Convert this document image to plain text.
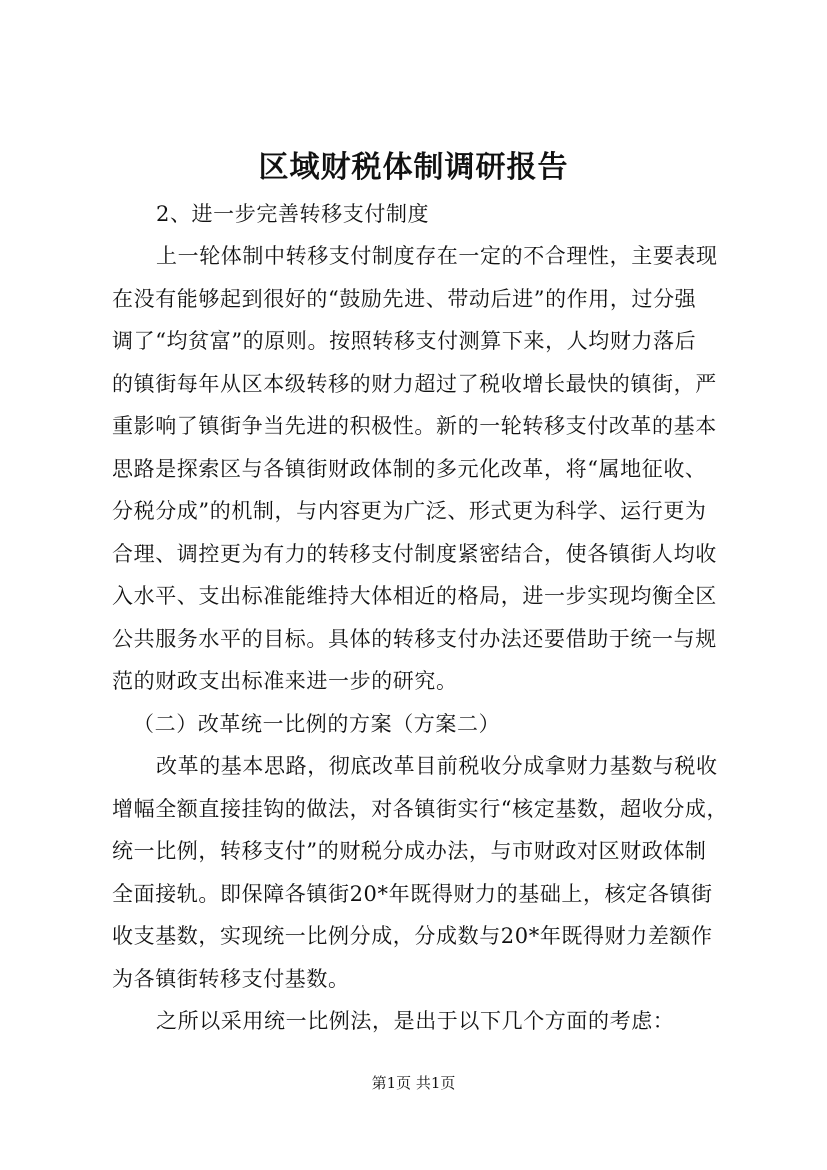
区域财税体制调研报告
2、进一步完善转移支付制度
上一轮体制中转移支付制度存在一定的不合理性，主要表现
在没有能够起到很好的“鼓励先进、带动后进”的作用，过分强
调了“均贫富”的原则。按照转移支付测算下来，人均财力落后
的镇街每年从区本级转移的财力超过了税收增长最快的镇街，严
重影响了镇街争当先进的积极性。新的一轮转移支付改革的基本
思路是探索区与各镇街财政体制的多元化改革，将“属地征收、
分税分成”的机制，与内容更为广泛、形式更为科学、运行更为
合理、调控更为有力的转移支付制度紧密结合，使各镇街人均收
入水平、支出标准能维持大体相近的格局，进一步实现均衡全区
公共服务水平的目标。具体的转移支付办法还要借助于统一与规
范的财政支出标准来进一步的研究。
（二）改革统一比例的方案（方案二）
改革的基本思路，彻底改革目前税收分成拿财力基数与税收
增幅全额直接挂钩的做法，对各镇街实行“核定基数，超收分成，
统一比例，转移支付”的财税分成办法，与市财政对区财政体制
全面接轨。即保障各镇街20*年既得财力的基础上，核定各镇街
收支基数，实现统一比例分成，分成数与20*年既得财力差额作
为各镇街转移支付基数。
之所以采用统一比例法，是出于以下几个方面的考虑：
第1页 共1页
